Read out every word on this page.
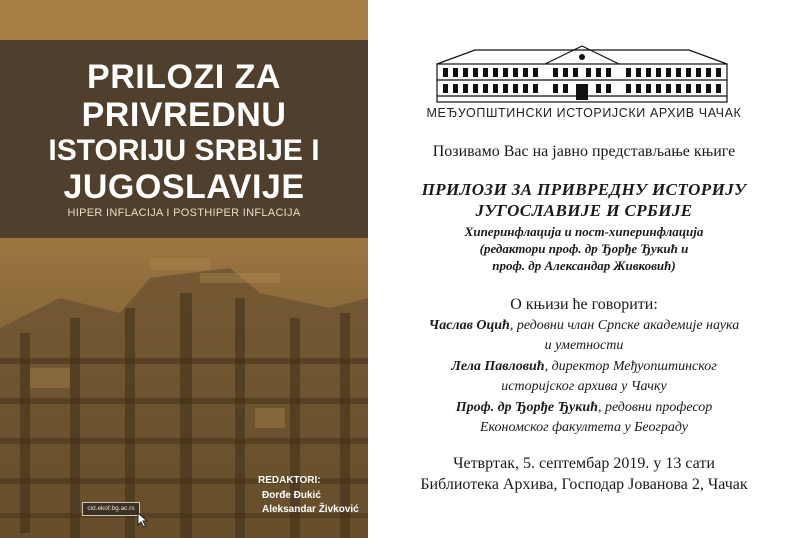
PRILOZI ZA
PRIVREDNU
ISTORIJU SRBIJE I
JUGOSLAVIJE
HIPER INFLACIJA I POSTHIPER INFLACIJA
cid.ekof.bg.ac.rs
REDAKTORI:
Đorđe Đukić
Aleksandar Živković
МЕЂУОПШТИНСКИ ИСТОРИЈСКИ АРХИВ ЧАЧАК
Позивамо Вас на јавно представљање књиге
ПРИЛОЗИ ЗА ПРИВРЕДНУ ИСТОРИЈУ
ЈУГОСЛАВИЈЕ И СРБИЈЕ
Хиперинфлација и пост-хиперинфлација
(редактори проф. др Ђорђе Ђукић и
проф. др Александар Живковић)
О књизи ће говорити:
Часлав Оцић, редовни члан Српске академије наука
и уметности
Лела Павловић, директор Међуопштинског
историјског архива у Чачку
Проф. др Ђорђе Ђукић, редовни професор
Економског факултета у Београду
Четвртак, 5. септембар 2019. у 13 сати
Библиотека Архива, Господар Јованова 2, Чачак
